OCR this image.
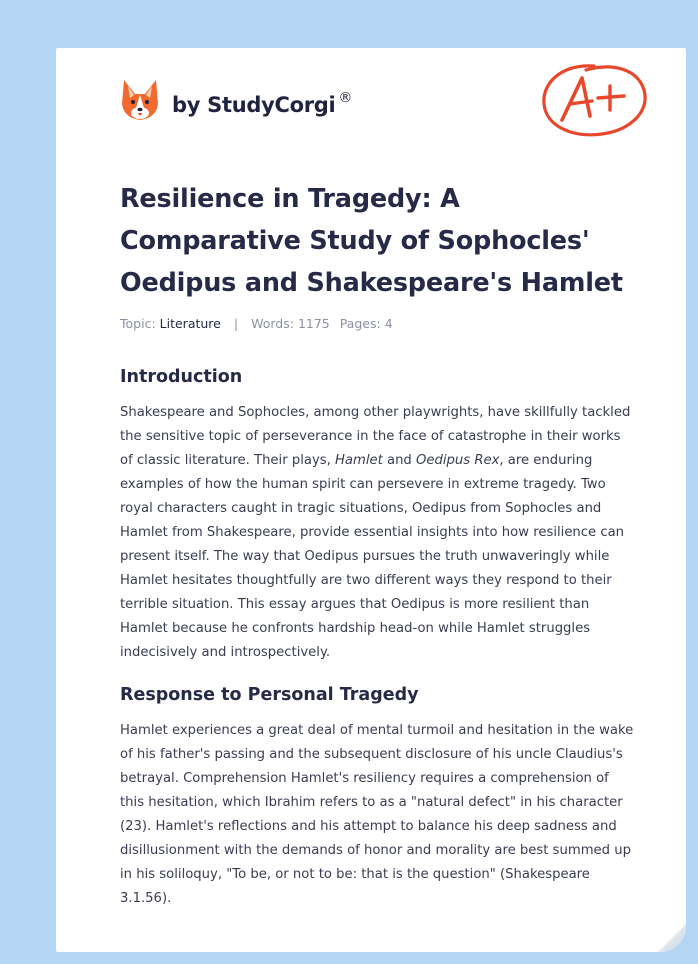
by StudyCorgi ®
Resilience in Tragedy: A Comparative Study of Sophocles' Oedipus and Shakespeare's Hamlet
Topic: Literature | Words: 1175 Pages: 4
Introduction

Shakespeare and Sophocles, among other playwrights, have skillfully tackled the sensitive topic of perseverance in the face of catastrophe in their works of classic literature. Their plays, Hamlet and Oedipus Rex, are enduring examples of how the human spirit can persevere in extreme tragedy. Two royal characters caught in tragic situations, Oedipus from Sophocles and Hamlet from Shakespeare, provide essential insights into how resilience can present itself. The way that Oedipus pursues the truth unwaveringly while Hamlet hesitates thoughtfully are two different ways they respond to their terrible situation. This essay argues that Oedipus is more resilient than Hamlet because he confronts hardship head-on while Hamlet struggles indecisively and introspectively.

Response to Personal Tragedy

Hamlet experiences a great deal of mental turmoil and hesitation in the wake of his father's passing and the subsequent disclosure of his uncle Claudius's betrayal. Comprehension Hamlet's resiliency requires a comprehension of this hesitation, which Ibrahim refers to as a "natural defect" in his character (23). Hamlet's reflections and his attempt to balance his deep sadness and disillusionment with the demands of honor and morality are best summed up in his soliloquy, "To be, or not to be: that is the question" (Shakespeare 3.1.56).
